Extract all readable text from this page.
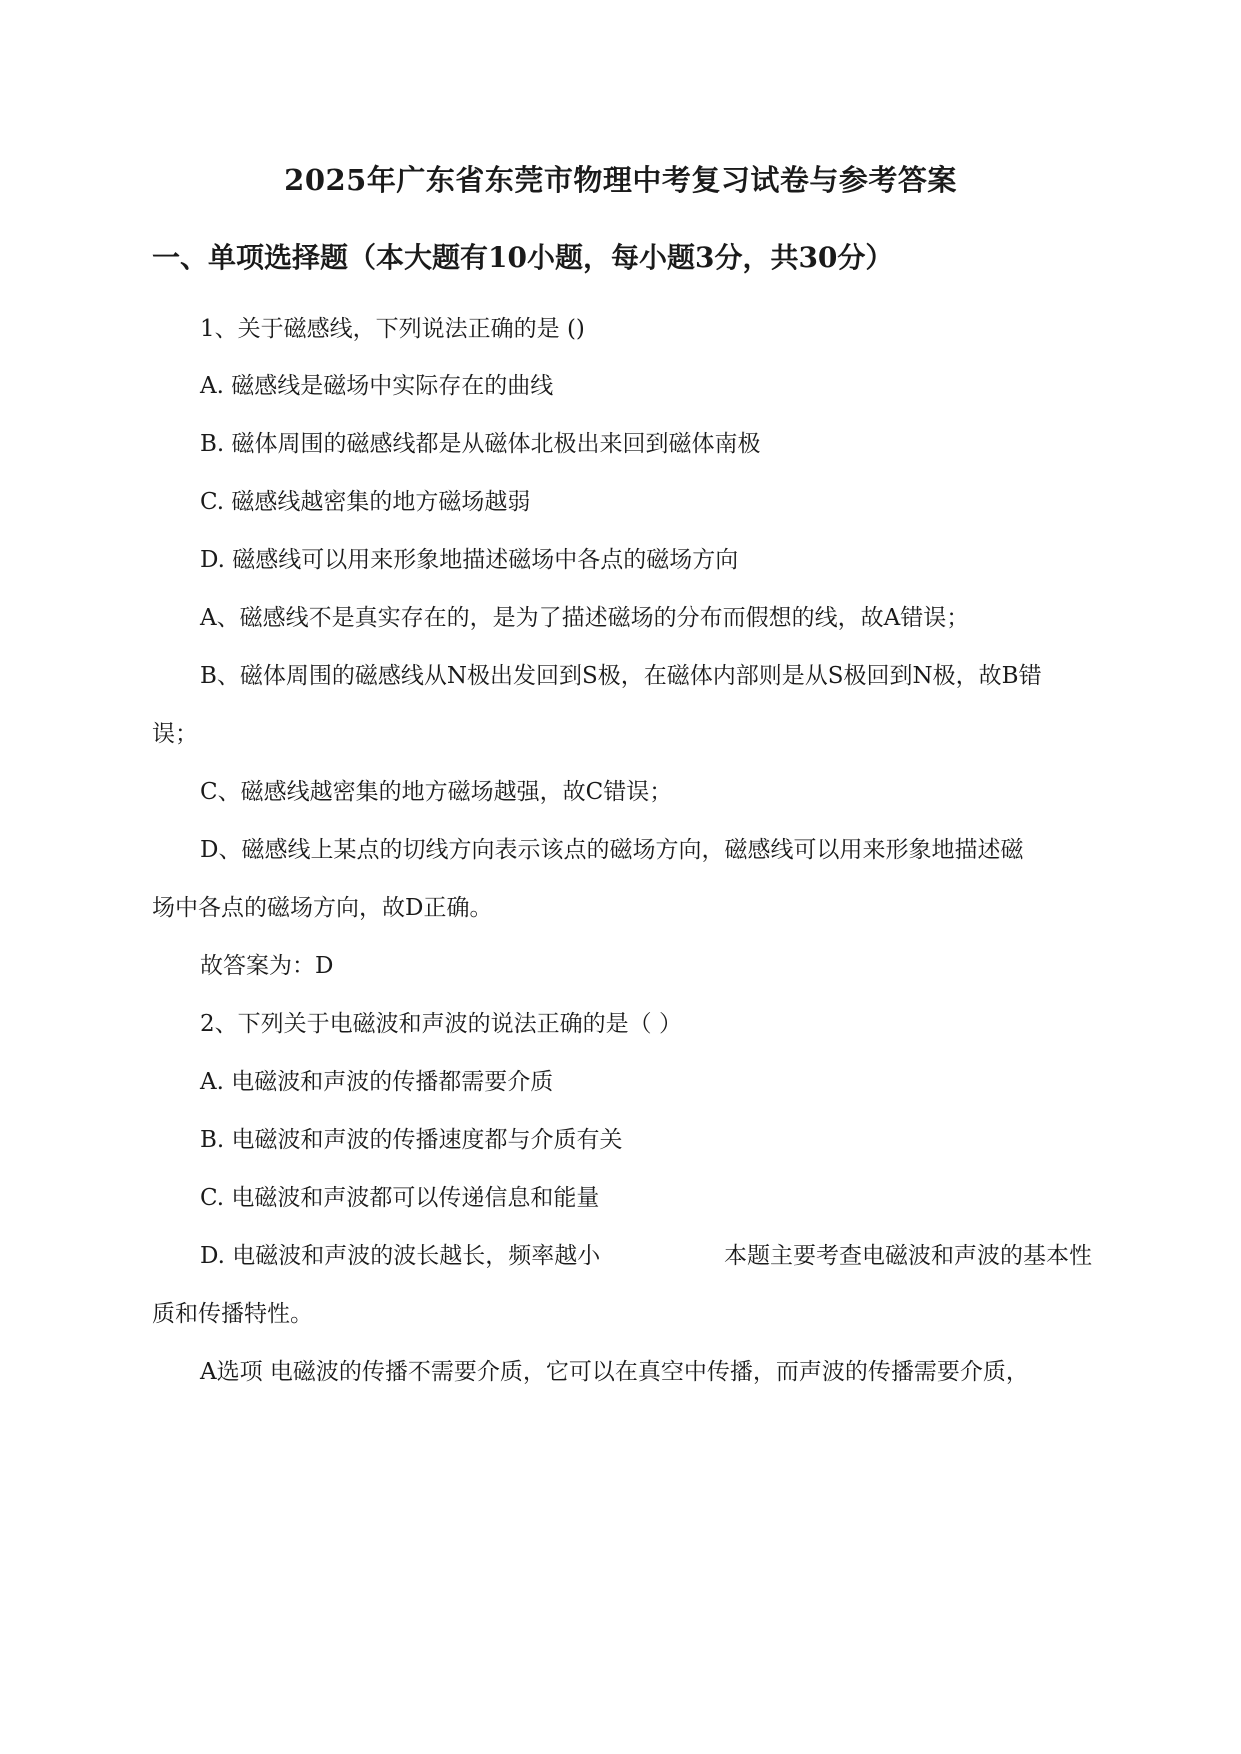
2025年广东省东莞市物理中考复习试卷与参考答案
一、单项选择题（本大题有10小题，每小题3分，共30分）
1、关于磁感线，下列说法正确的是 ()
A. 磁感线是磁场中实际存在的曲线
B. 磁体周围的磁感线都是从磁体北极出来回到磁体南极
C. 磁感线越密集的地方磁场越弱
D. 磁感线可以用来形象地描述磁场中各点的磁场方向
A、磁感线不是真实存在的，是为了描述磁场的分布而假想的线，故A错误；
B、磁体周围的磁感线从N极出发回到S极，在磁体内部则是从S极回到N极，故B错
误；
C、磁感线越密集的地方磁场越强，故C错误；
D、磁感线上某点的切线方向表示该点的磁场方向，磁感线可以用来形象地描述磁
场中各点的磁场方向，故D正确。
故答案为：D
2、下列关于电磁波和声波的说法正确的是（ ）
A. 电磁波和声波的传播都需要介质
B. 电磁波和声波的传播速度都与介质有关
C. 电磁波和声波都可以传递信息和能量
D. 电磁波和声波的波长越长，频率越小	本题主要考查电磁波和声波的基本性
质和传播特性。
A选项 电磁波的传播不需要介质，它可以在真空中传播，而声波的传播需要介质，
